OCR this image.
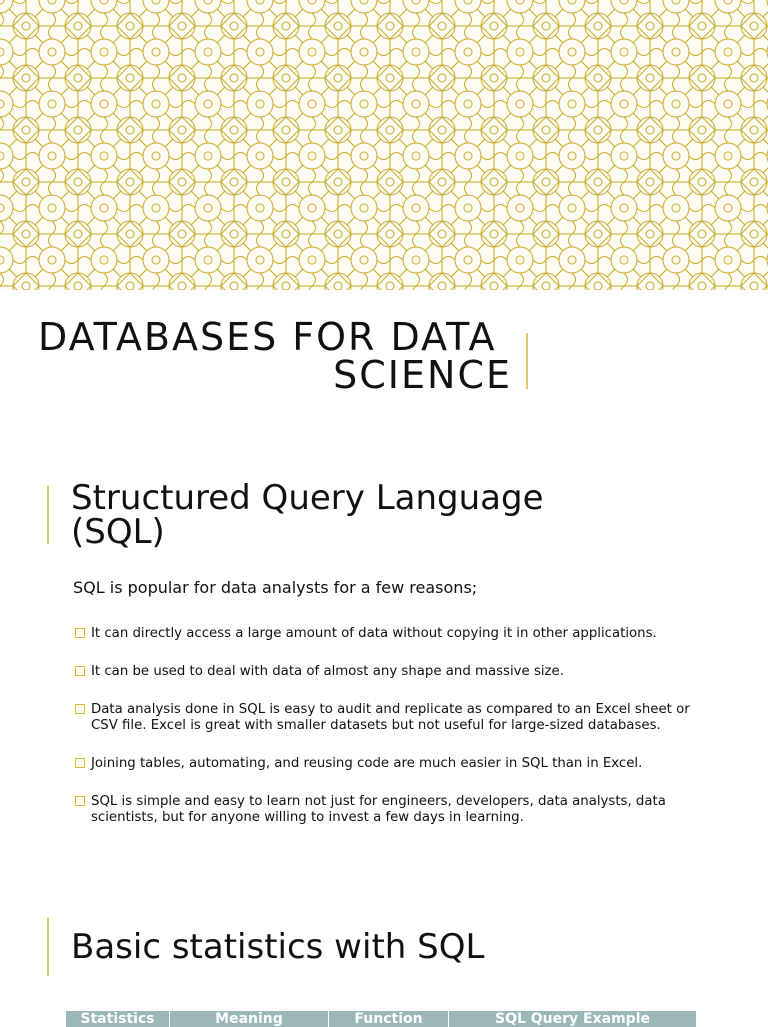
DATABASES FOR DATA
SCIENCE
Structured Query Language
(SQL)
SQL is popular for data analysts for a few reasons;
It can directly access a large amount of data without copying it in other applications.
It can be used to deal with data of almost any shape and massive size.
Data analysis done in SQL is easy to audit and replicate as compared to an Excel sheet or CSV file. Excel is great with smaller datasets but not useful for large-sized databases.
Joining tables, automating, and reusing code are much easier in SQL than in Excel.
SQL is simple and easy to learn not just for engineers, developers, data analysts, data scientists, but for anyone willing to invest a few days in learning.
Basic statistics with SQL
Statistics	Meaning	Function	SQL Query Example
